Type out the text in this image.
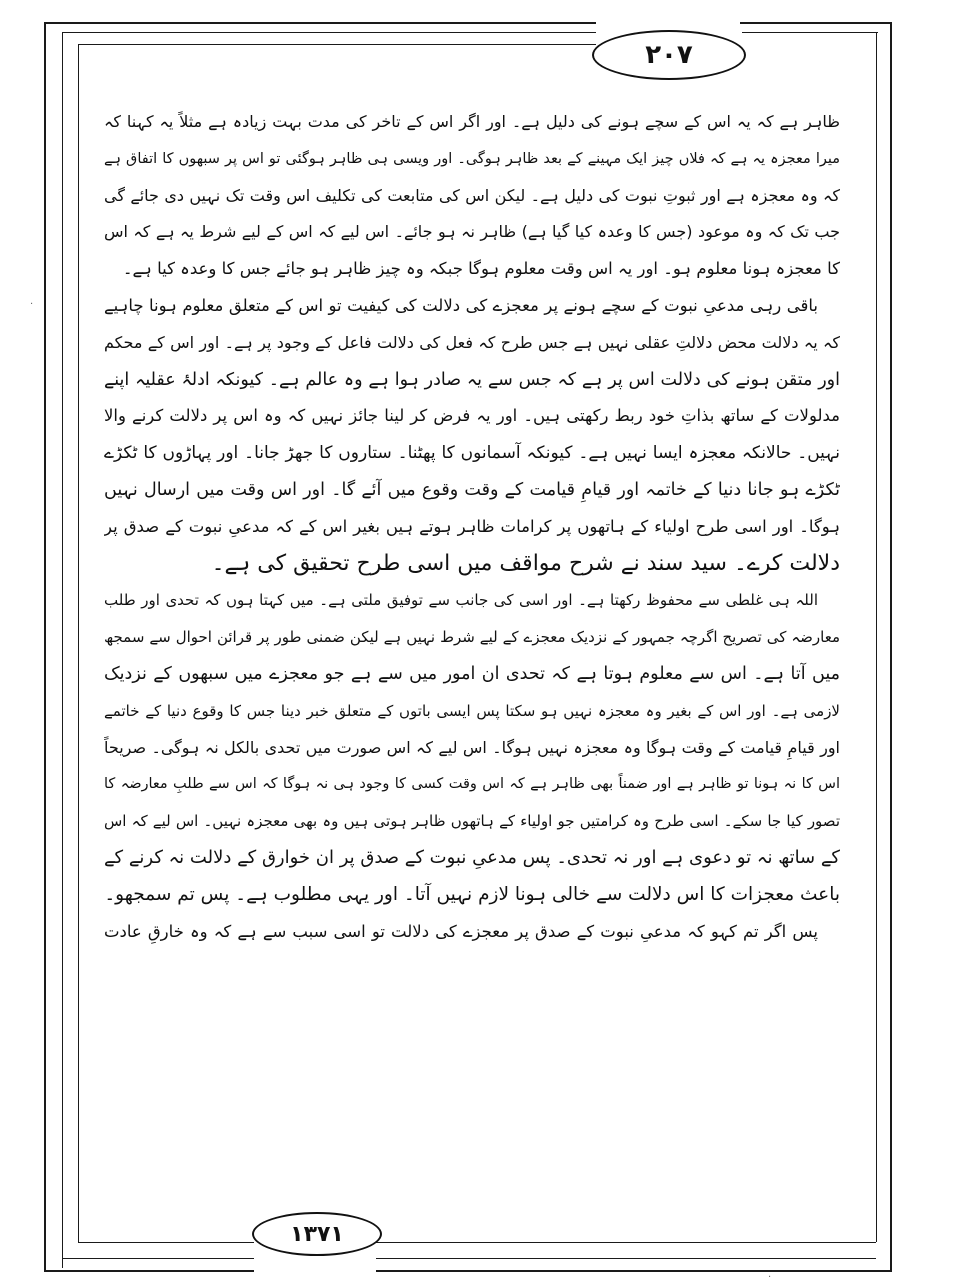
۲۰۷
ظاہر ہے کہ یہ اس کے سچے ہونے کی دلیل ہے۔ اور اگر اس کے تاخر کی مدت بہت زیادہ ہے مثلاً یہ کہنا کہ
میرا معجزہ یہ ہے کہ فلاں چیز ایک مہینے کے بعد ظاہر ہوگی۔ اور ویسی ہی ظاہر ہوگئی تو اس پر سبھوں کا اتفاق ہے
کہ وہ معجزہ ہے اور ثبوتِ نبوت کی دلیل ہے۔ لیکن اس کی متابعت کی تکلیف اس وقت تک نہیں دی جائے گی
جب تک کہ وہ موعود (جس کا وعدہ کیا گیا ہے) ظاہر نہ ہو جائے۔ اس لیے کہ اس کے لیے شرط یہ ہے کہ اس
کا معجزہ ہونا معلوم ہو۔ اور یہ اس وقت معلوم ہوگا جبکہ وہ چیز ظاہر ہو جائے جس کا وعدہ کیا ہے۔
باقی رہی مدعیِ نبوت کے سچے ہونے پر معجزے کی دلالت کی کیفیت تو اس کے متعلق معلوم ہونا چاہیے
کہ یہ دلالت محض دلالتِ عقلی نہیں ہے جس طرح کہ فعل کی دلالت فاعل کے وجود پر ہے۔ اور اس کے محکم
اور متقن ہونے کی دلالت اس پر ہے کہ جس سے یہ صادر ہوا ہے وہ عالم ہے۔ کیونکہ ادلۂ عقلیہ اپنے
مدلولات کے ساتھ بذاتِ خود ربط رکھتی ہیں۔ اور یہ فرض کر لینا جائز نہیں کہ وہ اس پر دلالت کرنے والا
نہیں۔ حالانکہ معجزہ ایسا نہیں ہے۔ کیونکہ آسمانوں کا پھٹنا۔ ستاروں کا جھڑ جانا۔ اور پہاڑوں کا ٹکڑے
ٹکڑے ہو جانا دنیا کے خاتمہ اور قیامِ قیامت کے وقت وقوع میں آئے گا۔ اور اس وقت میں ارسال نہیں
ہوگا۔ اور اسی طرح اولیاء کے ہاتھوں پر کرامات ظاہر ہوتے ہیں بغیر اس کے کہ مدعیِ نبوت کے صدق پر
دلالت کرے۔ سید سند نے شرح مواقف میں اسی طرح تحقیق کی ہے۔
اللہ ہی غلطی سے محفوظ رکھتا ہے۔ اور اسی کی جانب سے توفیق ملتی ہے۔ میں کہتا ہوں کہ تحدی اور طلب
معارضہ کی تصریح اگرچہ جمہور کے نزدیک معجزے کے لیے شرط نہیں ہے لیکن ضمنی طور پر قرائن احوال سے سمجھ
میں آتا ہے۔ اس سے معلوم ہوتا ہے کہ تحدی ان امور میں سے ہے جو معجزے میں سبھوں کے نزدیک
لازمی ہے۔ اور اس کے بغیر وہ معجزہ نہیں ہو سکتا پس ایسی باتوں کے متعلق خبر دینا جس کا وقوع دنیا کے خاتمے
اور قیامِ قیامت کے وقت ہوگا وہ معجزہ نہیں ہوگا۔ اس لیے کہ اس صورت میں تحدی بالکل نہ ہوگی۔ صریحاً
اس کا نہ ہونا تو ظاہر ہے اور ضمناً بھی ظاہر ہے کہ اس وقت کسی کا وجود ہی نہ ہوگا کہ اس سے طلبِ معارضہ کا
تصور کیا جا سکے۔ اسی طرح وہ کرامتیں جو اولیاء کے ہاتھوں ظاہر ہوتی ہیں وہ بھی معجزہ نہیں۔ اس لیے کہ اس
کے ساتھ نہ تو دعوی ہے اور نہ تحدی۔ پس مدعیِ نبوت کے صدق پر ان خوارق کے دلالت نہ کرنے کے
باعث معجزات کا اس دلالت سے خالی ہونا لازم نہیں آتا۔ اور یہی مطلوب ہے۔ پس تم سمجھو۔
پس اگر تم کہو کہ مدعیِ نبوت کے صدق پر معجزے کی دلالت تو اسی سبب سے ہے کہ وہ خارقِ عادت
١٣٧١
.
·
